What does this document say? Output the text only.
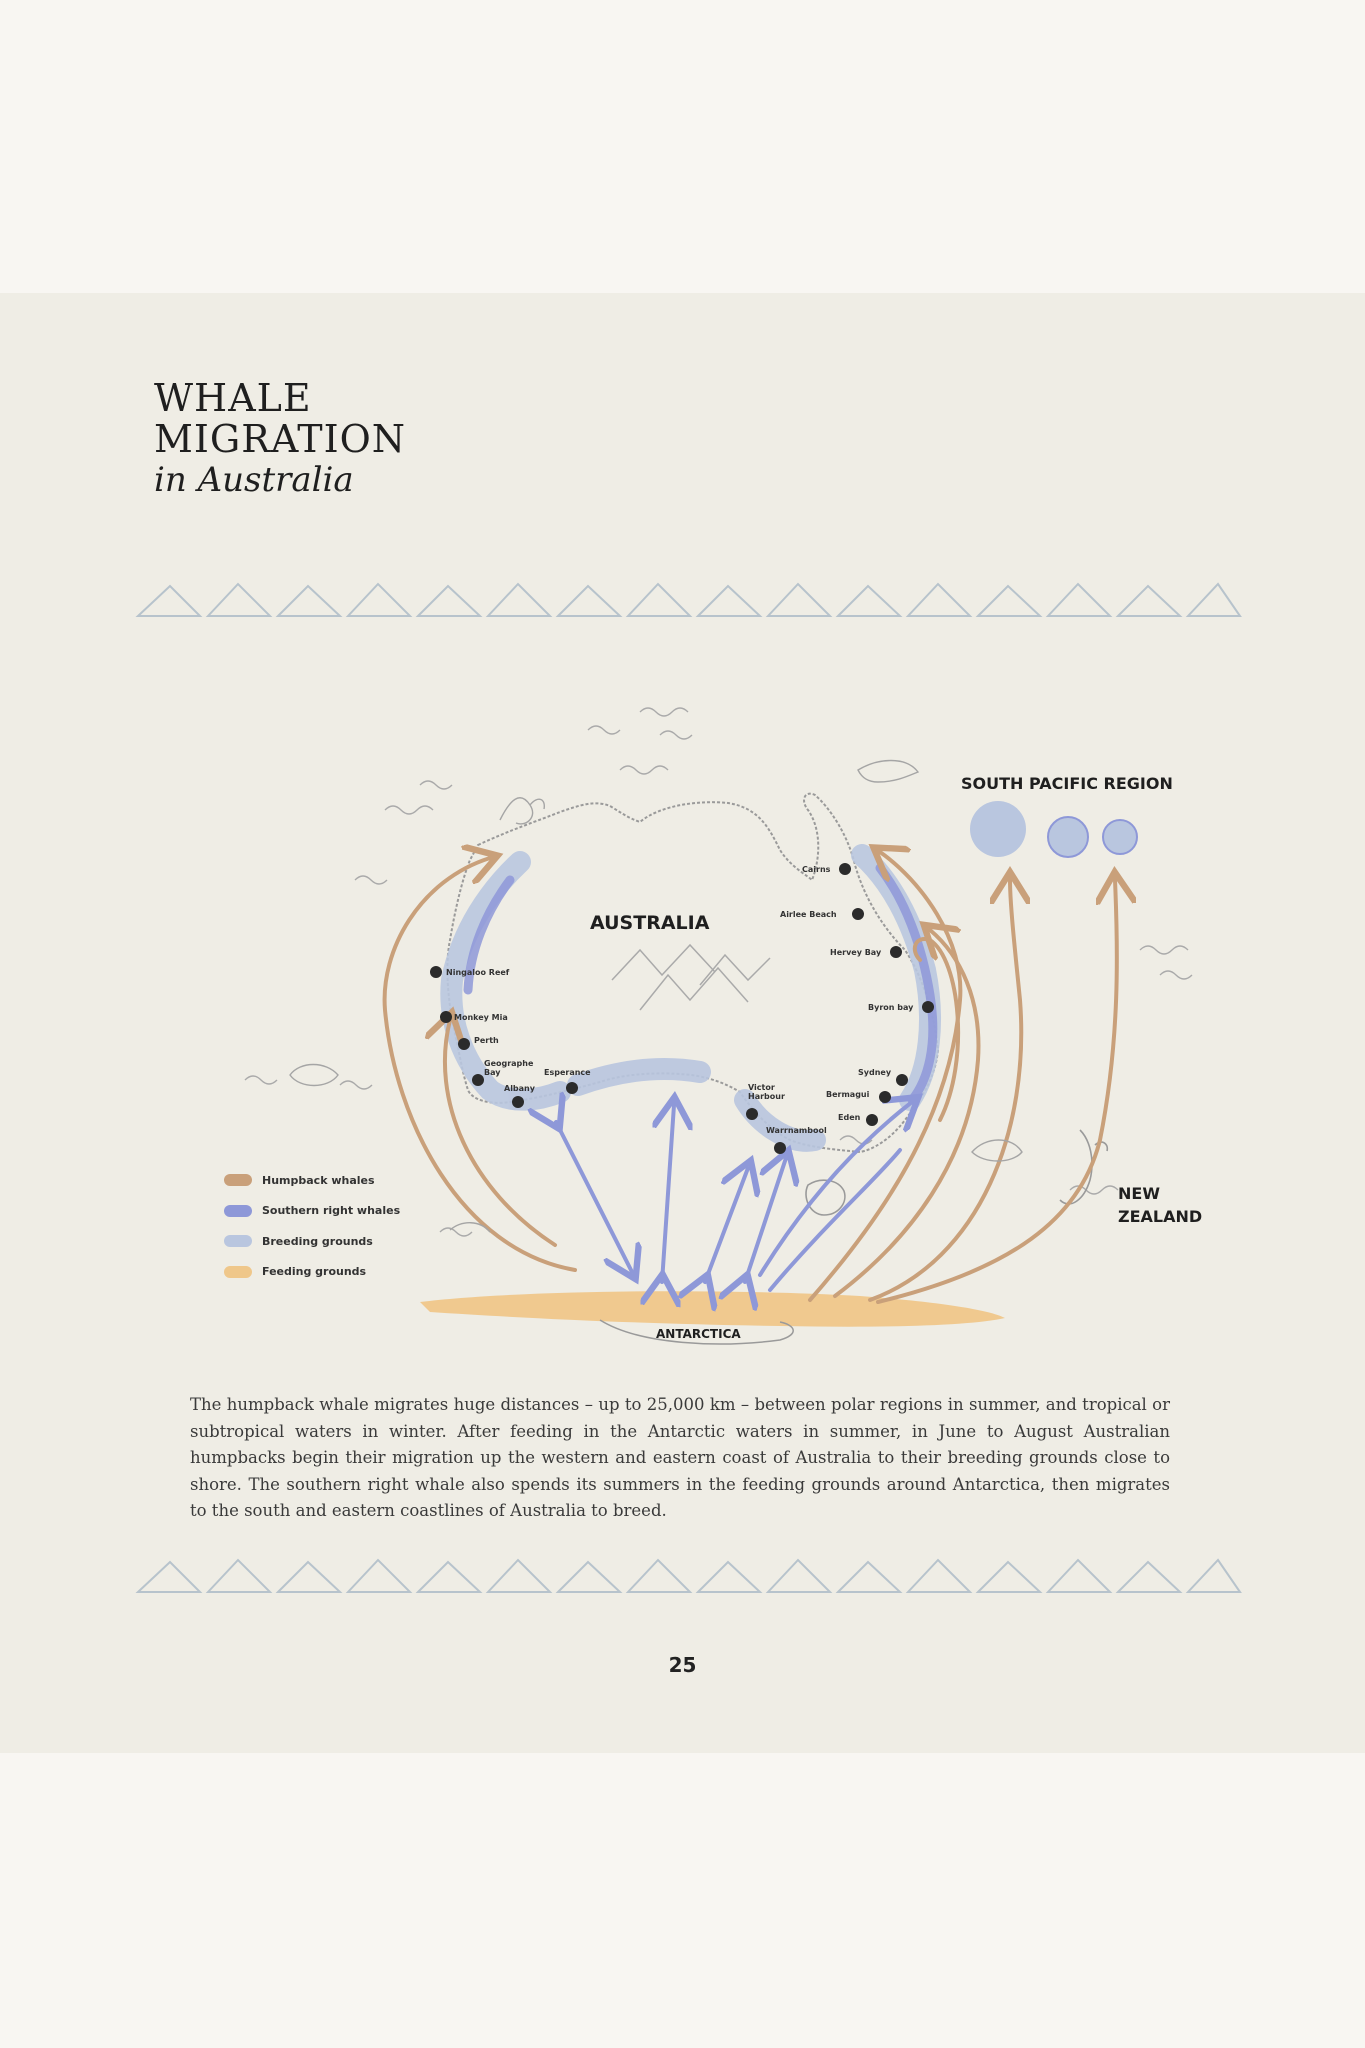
WHALE
MIGRATION
in Australia
AUSTRALIA
SOUTH PACIFIC REGION
NEW
ZEALAND
ANTARCTICA
Cairns
Airlee Beach
Hervey Bay
Byron bay
Sydney
Bermagui
Eden
Warrnambool
Victor Harbour
Esperance
Albany
Geographe Bay
Perth
Monkey Mia
Ningaloo Reef
Humpback whales
Southern right whales
Breeding grounds
Feeding grounds
The humpback whale migrates huge distances – up to 25,000 km – between polar regions in summer, and tropical or subtropical waters in winter. After feeding in the Antarctic waters in summer, in June to August Australian humpbacks begin their migration up the western and eastern coast of Australia to their breeding grounds close to shore. The southern right whale also spends its summers in the feeding grounds around Antarctica, then migrates to the south and eastern coastlines of Australia to breed.
25
